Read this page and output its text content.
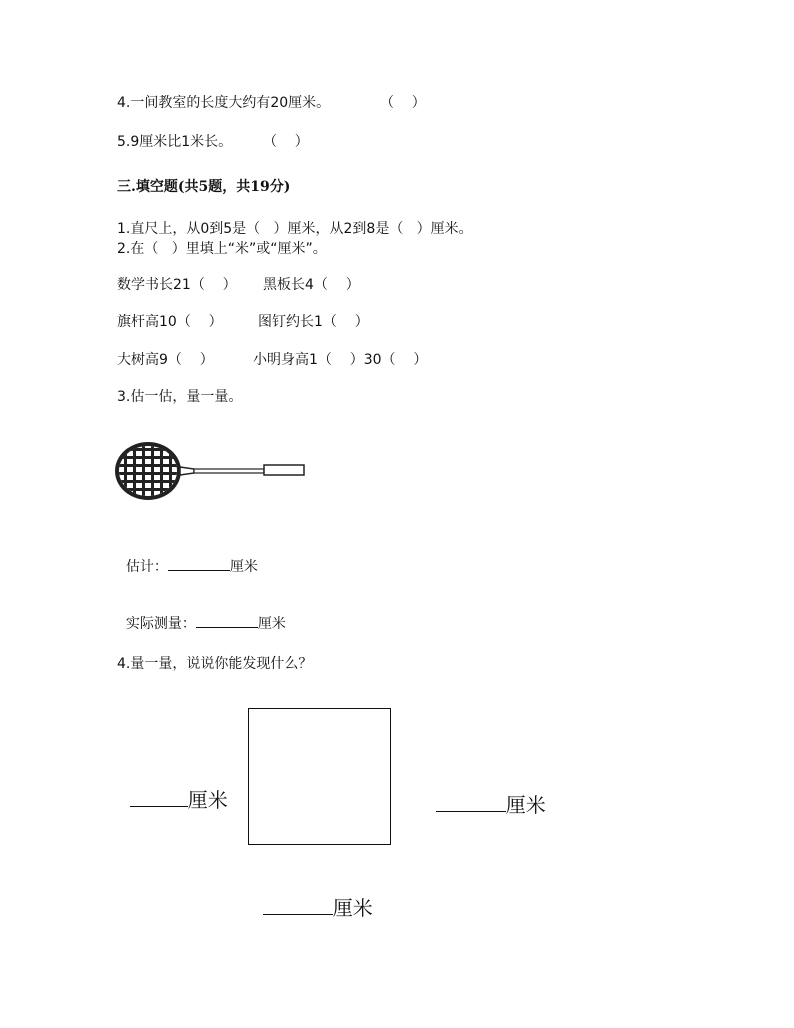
4.一间教室的长度大约有20厘米。	（    ）
5.9厘米比1米长。 （    ）
三.填空题(共5题，共19分)
1.直尺上，从0到5是（   ）厘米，从2到8是（   ）厘米。
2.在（   ）里填上“米”或“厘米”。
数学书长21（    ） 黑板长4（    ）
旗杆高10（    ）	图钉约长1（    ）
大树高9（    ）	小明身高1（    ）30（    ）
3.估一估，量一量。

估计：	厘米

实际测量：	厘米

4.量一量，说说你能发现什么？

厘米	厘米

厘米
